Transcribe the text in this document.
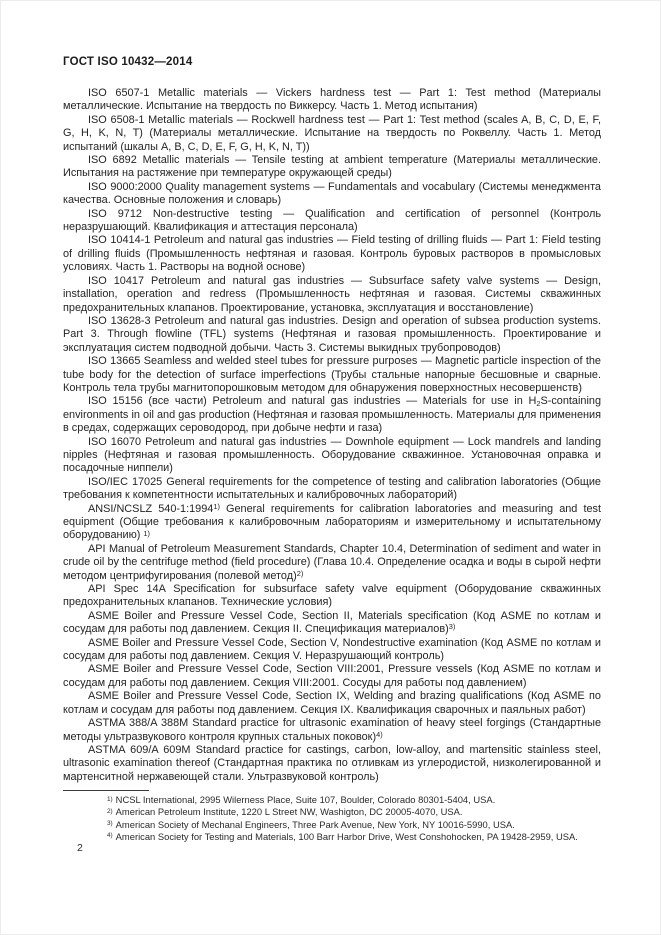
ГОСТ ISO 10432—2014

ISO 6507-1 Metallic materials — Vickers hardness test — Part 1: Test method (Материалы металлические. Испытание на твердость по Виккерсу. Часть 1. Метод испытания)

ISO 6508-1 Metallic materials — Rockwell hardness test — Part 1: Test method (scales A, B, C, D, E, F, G, H, K, N, T) (Материалы металлические. Испытание на твердость по Роквеллу. Часть 1. Метод испытаний (шкалы A, B, C, D, E, F, G, H, K, N, T))

ISO 6892 Metallic materials — Tensile testing at ambient temperature (Материалы металлические. Испытания на растяжение при температуре окружающей среды)

ISO 9000:2000 Quality management systems — Fundamentals and vocabulary (Системы менеджмента качества. Основные положения и словарь)

ISO 9712 Non-destructive testing — Qualification and certification of personnel (Контроль неразрушающий. Квалификация и аттестация персонала)

ISO 10414-1 Petroleum and natural gas industries — Field testing of drilling fluids — Part 1: Field testing of drilling fluids (Промышленность нефтяная и газовая. Контроль буровых растворов в промысловых условиях. Часть 1. Растворы на водной основе)

ISO 10417 Petroleum and natural gas industries — Subsurface safety valve systems — Design, installation, operation and redress (Промышленность нефтяная и газовая. Системы скважинных предохранительных клапанов. Проектирование, установка, эксплуатация и восстановление)

ISO 13628-3 Petroleum and natural gas industries. Design and operation of subsea production systems. Part 3. Through flowline (TFL) systems (Нефтяная и газовая промышленность. Проектирование и эксплуатация систем подводной добычи. Часть 3. Системы выкидных трубопроводов)

ISO 13665 Seamless and welded steel tubes for pressure purposes — Magnetic particle inspection of the tube body for the detection of surface imperfections (Трубы стальные напорные бесшовные и сварные. Контроль тела трубы магнитопорошковым методом для обнаружения поверхностных несовершенств)

ISO 15156 (все части) Petroleum and natural gas industries — Materials for use in H2S-containing environments in oil and gas production (Нефтяная и газовая промышленность. Материалы для применения в средах, содержащих сероводород, при добыче нефти и газа)

ISO 16070 Petroleum and natural gas industries — Downhole equipment — Lock mandrels and landing nipples (Нефтяная и газовая промышленность. Оборудование скважинное. Установочная оправка и посадочные ниппели)

ISO/IEC 17025 General requirements for the competence of testing and calibration laboratories (Общие требования к компетентности испытательных и калибровочных лабораторий)

ANSI/NCSLZ 540-1:1994$^{1)}$ General requirements for calibration laboratories and measuring and test equipment (Общие требования к калибровочным лабораториям и измерительному и испытательному оборудованию) $^{1)}$

API Manual of Petroleum Measurement Standards, Chapter 10.4, Determination of sediment and water in crude oil by the centrifuge method (field procedure) (Глава 10.4. Определение осадка и воды в сырой нефти методом центрифугирования (полевой метод)$^{2)}$

API Spec 14A Specification for subsurface safety valve equipment (Оборудование скважинных предохранительных клапанов. Технические условия)

ASME Boiler and Pressure Vessel Code, Section II, Materials specification (Код ASME по котлам и сосудам для работы под давлением. Секция II. Спецификация материалов)$^{3)}$

ASME Boiler and Pressure Vessel Code, Section V, Nondestructive examination (Код ASME по котлам и сосудам для работы под давлением. Секция V. Неразрушающий контроль)

ASME Boiler and Pressure Vessel Code, Section VIII:2001, Pressure vessels (Код ASME по котлам и сосудам для работы под давлением. Секция VIII:2001. Сосуды для работы под давлением)

ASME Boiler and Pressure Vessel Code, Section IX, Welding and brazing qualifications (Код ASME по котлам и сосудам для работы под давлением. Секция IX. Квалификация сварочных и паяльных работ)

ASTMA 388/A 388M Standard practice for ultrasonic examination of heavy steel forgings (Стандартные методы ультразвукового контроля крупных стальных поковок)$^{4)}$

ASTMA 609/A 609M Standard practice for castings, carbon, low-alloy, and martensitic stainless steel, ultrasonic examination thereof (Стандартная практика по отливкам из углеродистой, низколегированной и мартенситной нержавеющей стали. Ультразвуковой контроль)

$^{1)}$ NCSL International, 2995 Wilerness Place, Suite 107, Boulder, Colorado 80301-5404, USA.
$^{2)}$ American Petroleum Institute, 1220 L Street NW, Washigton, DC 20005-4070, USA.
$^{3)}$ American Society of Mechanal Engineers, Three Park Avenue, New York, NY 10016-5990, USA.
$^{4)}$ American Society for Testing and Materials, 100 Barr Harbor Drive, West Conshohocken, PA 19428-2959, USA.
2
